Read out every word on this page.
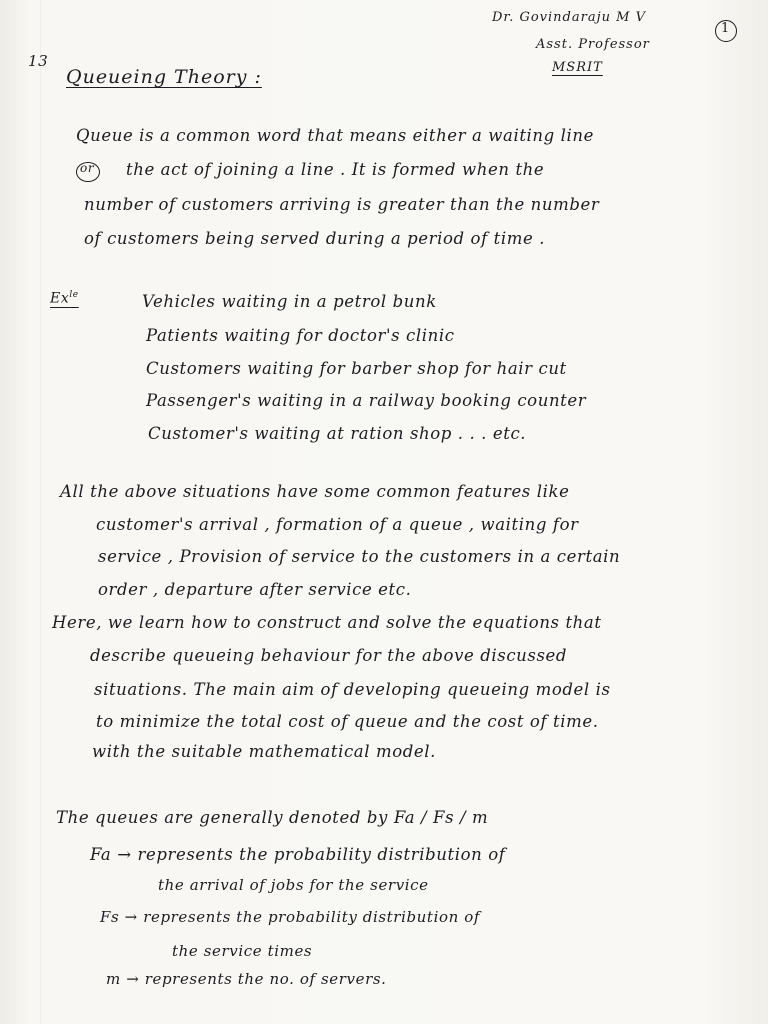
Dr. Govindaraju M V
1
Asst. Professor
MSRIT
13
Queueing Theory :
Queue is a common word that means either a waiting line
or the act of joining a line . It is formed when the
number of customers arriving is greater than the number
of customers being served during a period of time .
$Ex^{le}$	Vehicles waiting in a petrol bunk
Patients waiting for doctor's clinic
Customers waiting for barber shop for hair cut
Passenger's waiting in a railway booking counter
Customer's waiting at ration shop . . . etc.
All the above situations have some common features like
customer's arrival , formation of a queue , waiting for
service , Provision of service to the customers in a certain
order , departure after service etc.
Here, we learn how to construct and solve the equations that
describe queueing behaviour for the above discussed
situations. The main aim of developing queueing model is
to minimize the total cost of queue and the cost of time.
with the suitable mathematical model.
The queues are generally denoted by Fa / Fs / m
Fa → represents the probability distribution of
the arrival of jobs for the service
Fs → represents the probability distribution of
the service times
m → represents the no. of servers.
